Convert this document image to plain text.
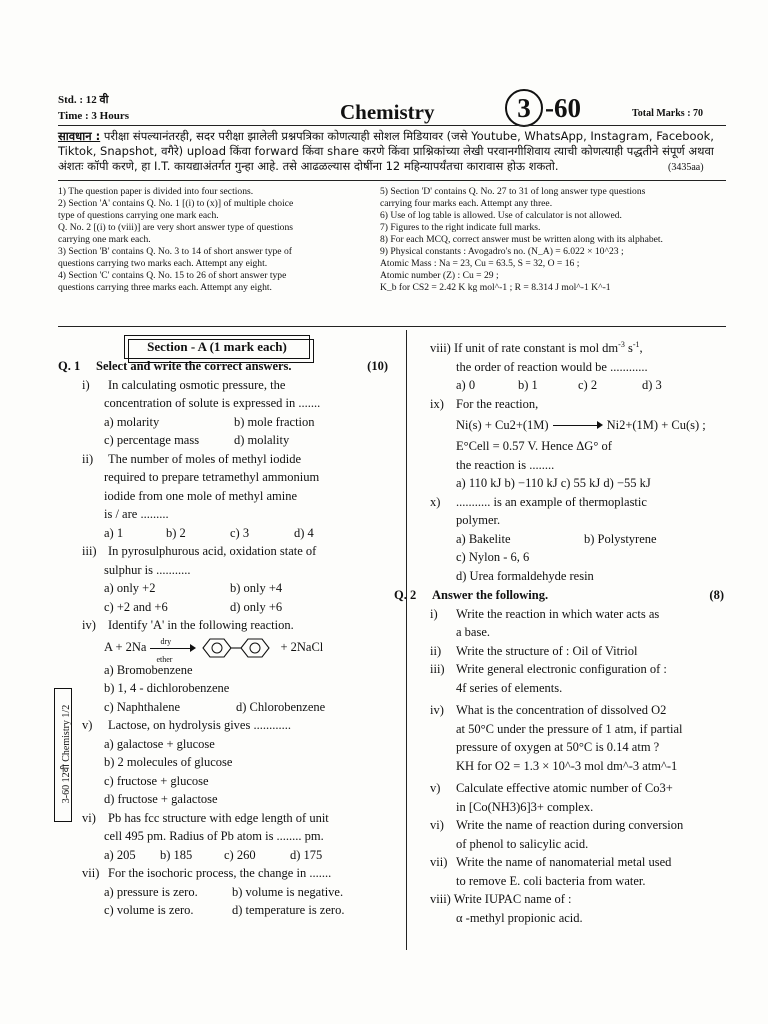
Std. : 12 वी
Time : 3 Hours	Chemistry	3 -60	Total Marks : 70
सावधान : परीक्षा संपल्यानंतरही, सदर परीक्षा झालेली प्रश्नपत्रिका कोणत्याही सोशल मिडियावर (जसे Youtube, WhatsApp, Instagram, Facebook, Tiktok, Snapshot, वगैरे) upload किंवा forward किंवा share करणे किंवा प्राश्निकांच्या लेखी परवानगीशिवाय त्याची कोणत्याही पद्धतीने संपूर्ण अथवा अंशतः कॉपी करणे, हा I.T. कायद्याअंतर्गत गुन्हा आहे. तसे आढळल्यास दोषींना 12 महिन्यापर्यंतचा कारावास होऊ शकतो.	(3435aa)

1) The question paper is divided into four sections.

2) Section 'A' contains Q. No. 1 [(i) to (x)] of multiple choice

type of questions carrying one mark each.

Q. No. 2 [(i) to (viii)] are very short answer type of questions

carrying one mark each.

3) Section 'B' contains Q. No. 3 to 14 of short answer type of

questions carrying two marks each. Attempt any eight.

4) Section 'C' contains Q. No. 15 to 26 of short answer type

questions carrying three marks each. Attempt any eight.

5) Section 'D' contains Q. No. 27 to 31 of long answer type questions

carrying four marks each. Attempt any three.

6) Use of log table is allowed. Use of calculator is not allowed.

7) Figures to the right indicate full marks.

8) For each MCQ, correct answer must be written along with its alphabet.

9) Physical constants : Avogadro's no. (N_A) = 6.022 × 10^23 ;

Atomic Mass : Na = 23, Cu = 63.5, S = 32, O = 16 ;

Atomic number (Z) : Cu = 29 ;

K_b for CS2 = 2.42 K kg mol^-1 ; R = 8.314 J mol^-1 K^-1

Section - A (1 mark each)
3-60 12वी Chemistry 1/2
Q. 1	Select and write the correct answers.	(10)
i)	In calculating osmotic pressure, the

concentration of solute is expressed in .......

a) molarity	b) mole fraction
c) percentage mass	d) molality
ii)	The number of moles of methyl iodide

required to prepare tetramethyl ammonium

iodide from one mole of methyl amine

is / are .........

a) 1	b) 2	c) 3	d) 4
iii) In pyrosulphurous acid, oxidation state of

sulphur is ...........

a) only +2	b) only +4
c) +2 and +6	d) only +6
iv) Identify 'A' in the following reaction.
A + 2Na dry
ether
+ 2NaCl

a) Bromobenzene

b) 1, 4 - dichlorobenzene

c) Naphthalene	d) Chlorobenzene
v)	Lactose, on hydrolysis gives ............

a) galactose + glucose

b) 2 molecules of glucose

c) fructose + glucose

d) fructose + galactose

vi) Pb has fcc structure with edge length of unit

cell 495 pm. Radius of Pb atom is ........ pm.

a) 205	b) 185	c) 260	d) 175
vii) For the isochoric process, the change in .......
a) pressure is zero.	b) volume is negative.
c) volume is zero.	d) temperature is zero.

viii) If unit of rate constant is mol $dm^{-3}$ $s^{-1}$,

the order of reaction would be ............

a) 0	b) 1	c) 2	d) 3
ix) For the reaction,
Ni(s) + Cu2+(1M)	Ni2+(1M) + Cu(s) ;

E°Cell = 0.57 V. Hence ΔG° of

the reaction is ........

a) 110 kJ b) −110 kJ c) 55 kJ d) −55 kJ

x)	........... is an example of thermoplastic

polymer.

a) Bakelite	b) Polystyrene

c) Nylon - 6, 6

d) Urea formaldehyde resin

Q. 2	Answer the following.	(8)
i)	Write the reaction in which water acts as

a base.

ii)	Write the structure of : Oil of Vitriol
iii) Write general electronic configuration of :

4f series of elements.

iv) What is the concentration of dissolved O2

at 50°C under the pressure of 1 atm, if partial

pressure of oxygen at 50°C is 0.14 atm ?

KH for O2 = 1.3 × 10^-3 mol dm^-3 atm^-1

v)	Calculate effective atomic number of Co3+

in [Co(NH3)6]3+ complex.

vi) Write the name of reaction during conversion

of phenol to salicylic acid.

vii) Write the name of nanomaterial metal used

to remove E. coli bacteria from water.

viii) Write IUPAC name of :

α -methyl propionic acid.
